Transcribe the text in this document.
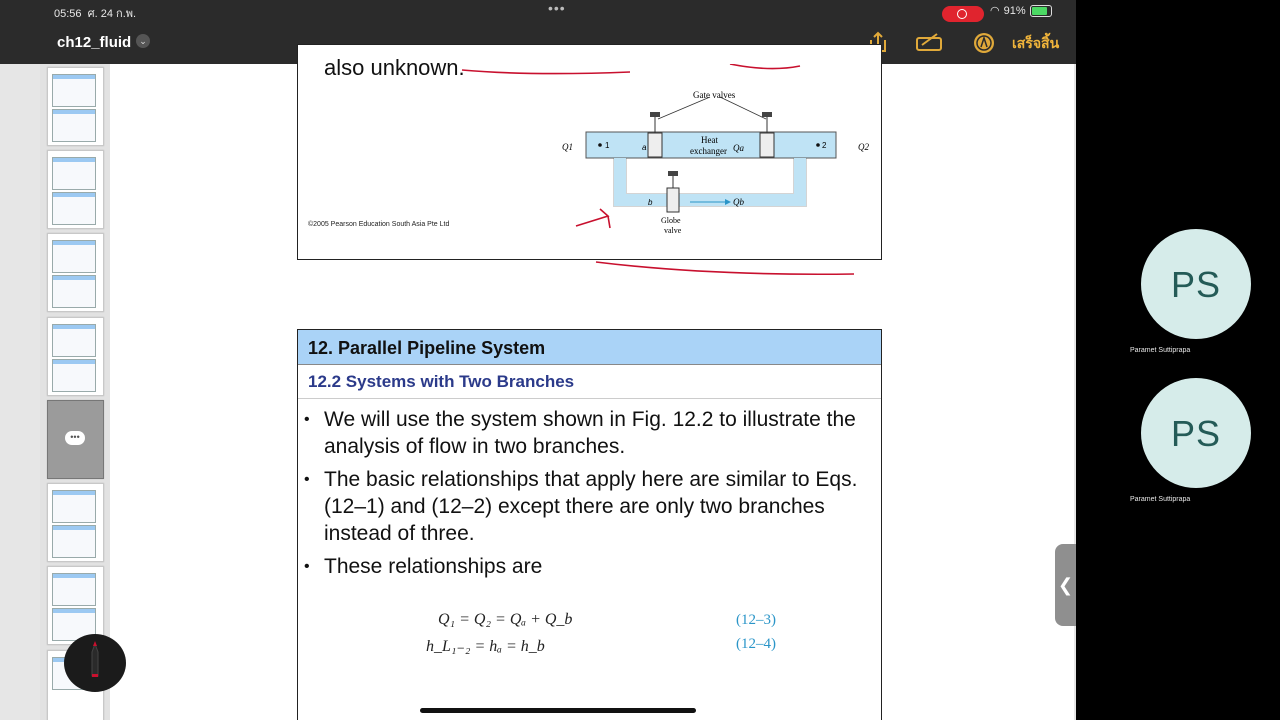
05:56 ศ. 24 ก.พ.	•••	◠ 91%
ch12_fluid ⌄	เสร็จสิ้น
•••
also unknown.
Gate valves
Heat
exchanger Qa
Qb
Q1	Q2
1	2
a
b
Globe
valve
©2005 Pearson Education South Asia Pte Ltd
12. Parallel Pipeline System
12.2 Systems with Two Branches
• We will use the system shown in Fig. 12.2 to illustrate the analysis of flow in two branches.
• The basic relationships that apply here are similar to Eqs. (12–1) and (12–2) except there are only two branches instead of three.
• These relationships are
Q₁ = Q₂ = Qₐ + Q_b	(12–3)
h_L₁₋₂ = hₐ = h_b	(12–4)
❮
PS
Paramet Suttiprapa
PS
Paramet Suttiprapa
